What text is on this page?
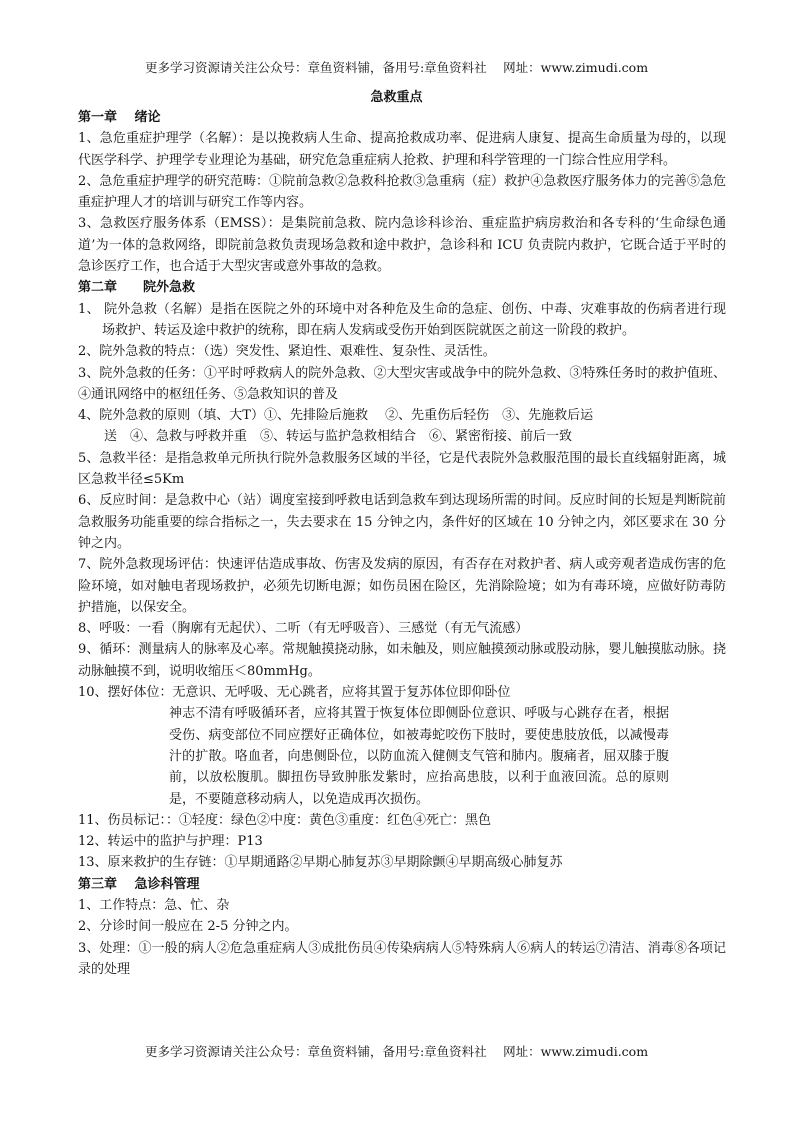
更多学习资源请关注公众号：章鱼资料铺，备用号:章鱼资料社　 网址：www.zimudi.com
急救重点
第一章　 绪论

1、急危重症护理学（名解）：是以挽救病人生命、提高抢救成功率、促进病人康复、提高生命质量为母的，以现代医学科学、护理学专业理论为基础，研究危急重症病人抢救、护理和科学管理的一门综合性应用学科。

2、急危重症护理学的研究范畴：①院前急救②急救科抢救③急重病（症）救护④急救医疗服务体力的完善⑤急危重症护理人才的培训与研究工作等内容。

3、急救医疗服务体系（EMSS）：是集院前急救、院内急诊科诊治、重症监护病房救治和各专科的‘生命绿色通道’为一体的急救网络，即院前急救负责现场急救和途中救护，急诊科和 ICU 负责院内救护，它既合适于平时的急诊医疗工作，也合适于大型灾害或意外事故的急救。

第二章　　院外急救

1、 院外急救（名解）是指在医院之外的环境中对各种危及生命的急症、创伤、中毒、灾难事故的伤病者进行现场救护、转运及途中救护的统称，即在病人发病或受伤开始到医院就医之前这一阶段的救护。

2、院外急救的特点：（选）突发性、紧迫性、艰难性、复杂性、灵活性。

3、院外急救的任务：①平时呼救病人的院外急救、②大型灾害或战争中的院外急救、③特殊任务时的救护值班、④通讯网络中的枢纽任务、⑤急救知识的普及

4、院外急救的原则（填、大T）①、先排险后施救　 ②、先重伤后轻伤　③、先施救后运

送　④、急救与呼救并重　⑤、转运与监护急救相结合　⑥、紧密衔接、前后一致

5、急救半径：是指急救单元所执行院外急救服务区域的半径，它是代表院外急救服范围的最长直线辐射距离，城区急救半径≤5Km

6、反应时间：是急救中心（站）调度室接到呼救电话到急救车到达现场所需的时间。反应时间的长短是判断院前急救服务功能重要的综合指标之一，失去要求在 15 分钟之内，条件好的区域在 10 分钟之内，郊区要求在 30 分钟之内。

7、院外急救现场评估：快速评估造成事故、伤害及发病的原因，有否存在对救护者、病人或旁观者造成伤害的危险环境，如对触电者现场救护，必须先切断电源；如伤员困在险区，先消除险境；如为有毒环境，应做好防毒防护措施，以保安全。

8、呼吸：一看（胸廓有无起伏）、二听（有无呼吸音）、三感觉（有无气流感）

9、循环：测量病人的脉率及心率。常规触摸挠动脉，如未触及，则应触摸颈动脉或股动脉，婴儿触摸肱动脉。挠动脉触摸不到，说明收缩压＜80mmHg。

10、摆好体位：无意识、无呼吸、无心跳者，应将其置于复苏体位即仰卧位

神志不清有呼吸循环者，应将其置于恢复体位即侧卧位意识、呼吸与心跳存在者，根据受伤、病变部位不同应摆好正确体位，如被毒蛇咬伤下肢时，要使患肢放低，以减慢毒汁的扩散。咯血者，向患侧卧位，以防血流入健侧支气管和肺内。腹痛者，屈双膝于腹前，以放松腹肌。脚扭伤导致肿胀发紫时，应抬高患肢，以利于血液回流。总的原则是，不要随意移动病人，以免造成再次损伤。

11、伤员标记：：①轻度：绿色②中度：黄色③重度：红色④死亡：黑色

12、转运中的监护与护理：P13

13、原来救护的生存链：①早期通路②早期心肺复苏③早期除颤④早期高级心肺复苏

第三章　 急诊科管理

1、工作特点：急、忙、杂

2、分诊时间一般应在 2-5 分钟之内。

3、处理：①一般的病人②危急重症病人③成批伤员④传染病病人⑤特殊病人⑥病人的转运⑦清洁、消毒⑧各项记录的处理

更多学习资源请关注公众号：章鱼资料铺，备用号:章鱼资料社　 网址：www.zimudi.com
